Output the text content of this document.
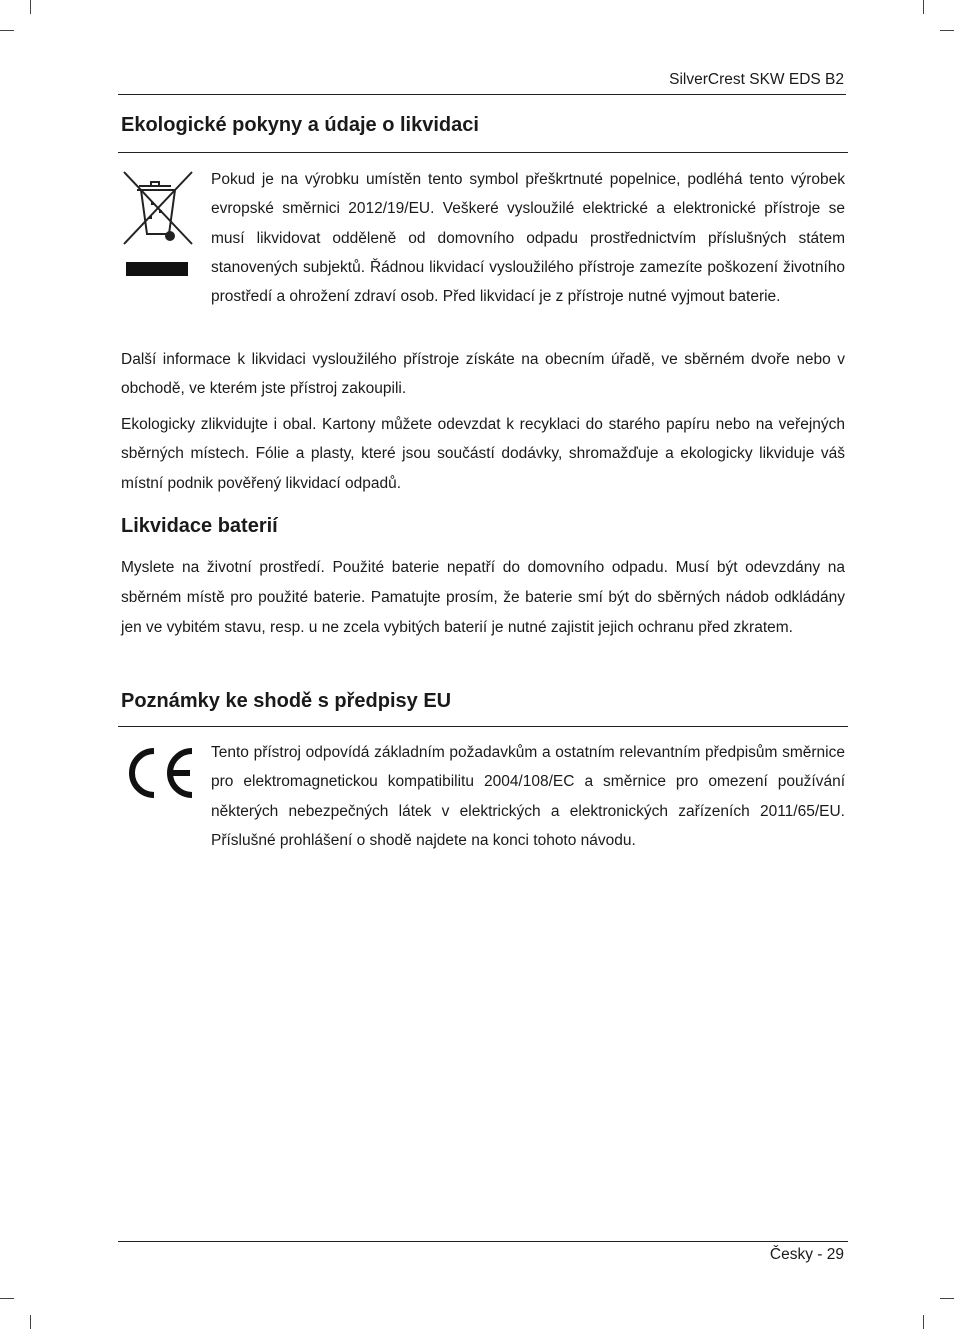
SilverCrest SKW EDS B2
Ekologické pokyny a údaje o likvidaci

Pokud je na výrobku umístěn tento symbol přeškrtnuté popelnice, podléhá tento výrobek evropské směrnici 2012/19/EU. Veškeré vysloužilé elektrické a elektronické přístroje se musí likvidovat odděleně od domovního odpadu prostřednictvím příslušných státem stanovených subjektů. Řádnou likvidací vysloužilého přístroje zamezíte poškození životního prostředí a ohrožení zdraví osob. Před likvidací je z přístroje nutné vyjmout baterie.

Další informace k likvidaci vysloužilého přístroje získáte na obecním úřadě, ve sběrném dvoře nebo v obchodě, ve kterém jste přístroj zakoupili.

Ekologicky zlikvidujte i obal. Kartony můžete odevzdat k recyklaci do starého papíru nebo na veřejných sběrných místech. Fólie a plasty, které jsou součástí dodávky, shromažďuje a ekologicky likviduje váš místní podnik pověřený likvidací odpadů.

Likvidace baterií

Myslete na životní prostředí. Použité baterie nepatří do domovního odpadu. Musí být odevzdány na sběrném místě pro použité baterie. Pamatujte prosím, že baterie smí být do sběrných nádob odkládány jen ve vybitém stavu, resp. u ne zcela vybitých baterií je nutné zajistit jejich ochranu před zkratem.

Poznámky ke shodě s předpisy EU

Tento přístroj odpovídá základním požadavkům a ostatním relevantním předpisům směrnice pro elektromagnetickou kompatibilitu 2004/108/EC a směrnice pro omezení používání některých nebezpečných látek v elektrických a elektronických zařízeních 2011/65/EU. Příslušné prohlášení o shodě najdete na konci tohoto návodu.

Česky - 29
